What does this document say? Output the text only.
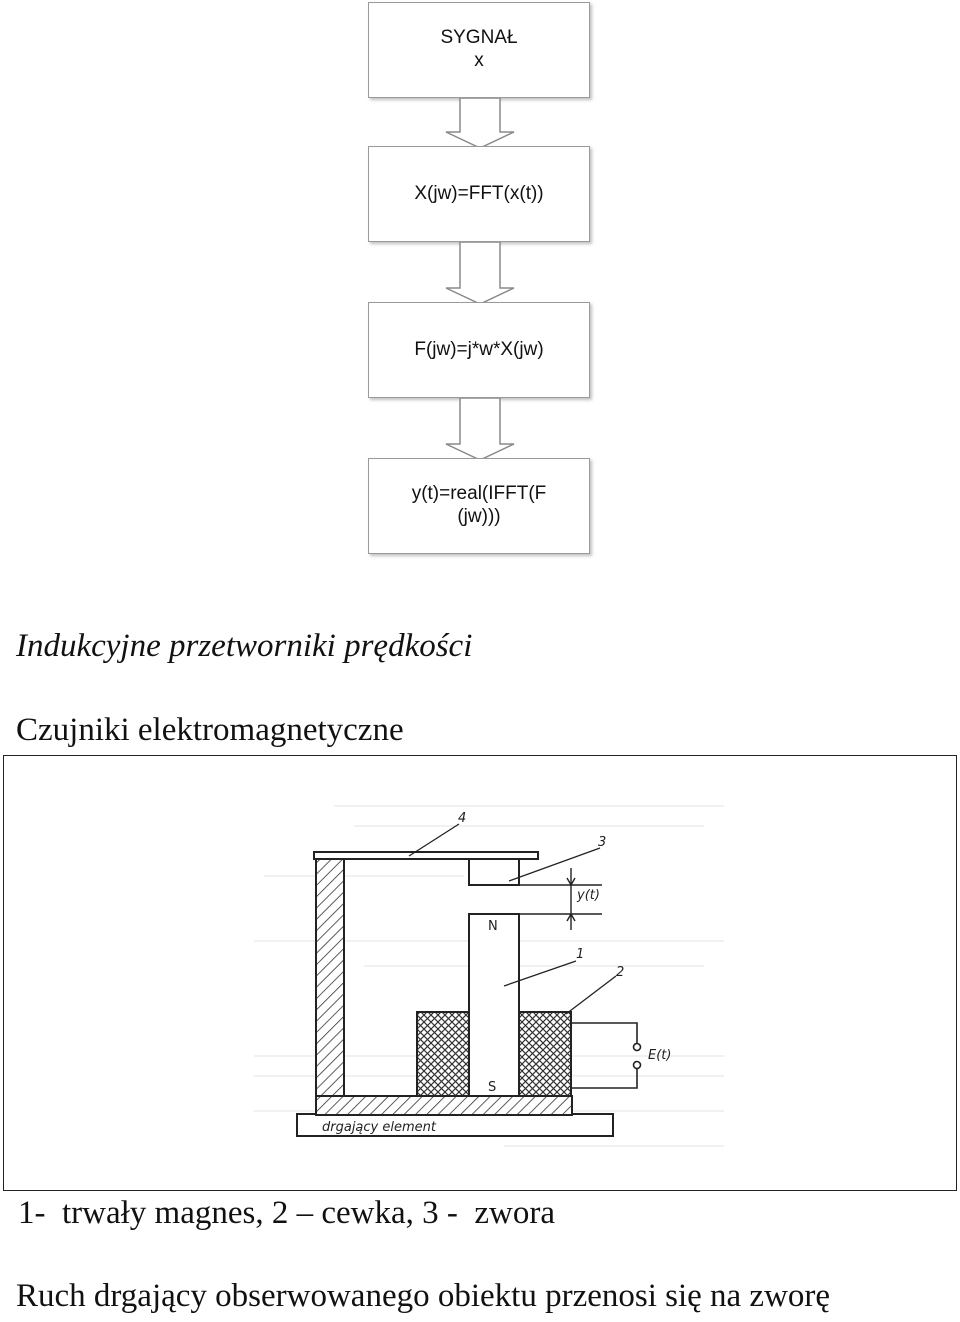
SYGNAŁ
x
X(jw)=FFT(x(t))
F(jw)=j*w*X(jw)
y(t)=real(IFFT(F
(jw)))
Indukcyjne przetworniki prędkości
Czujniki elektromagnetyczne
drgający element
N
S
E(t)
y(t)
4
3
1
2
1-  trwały magnes, 2 – cewka, 3 -  zwora
Ruch drgający obserwowanego obiektu przenosi się na zworę
